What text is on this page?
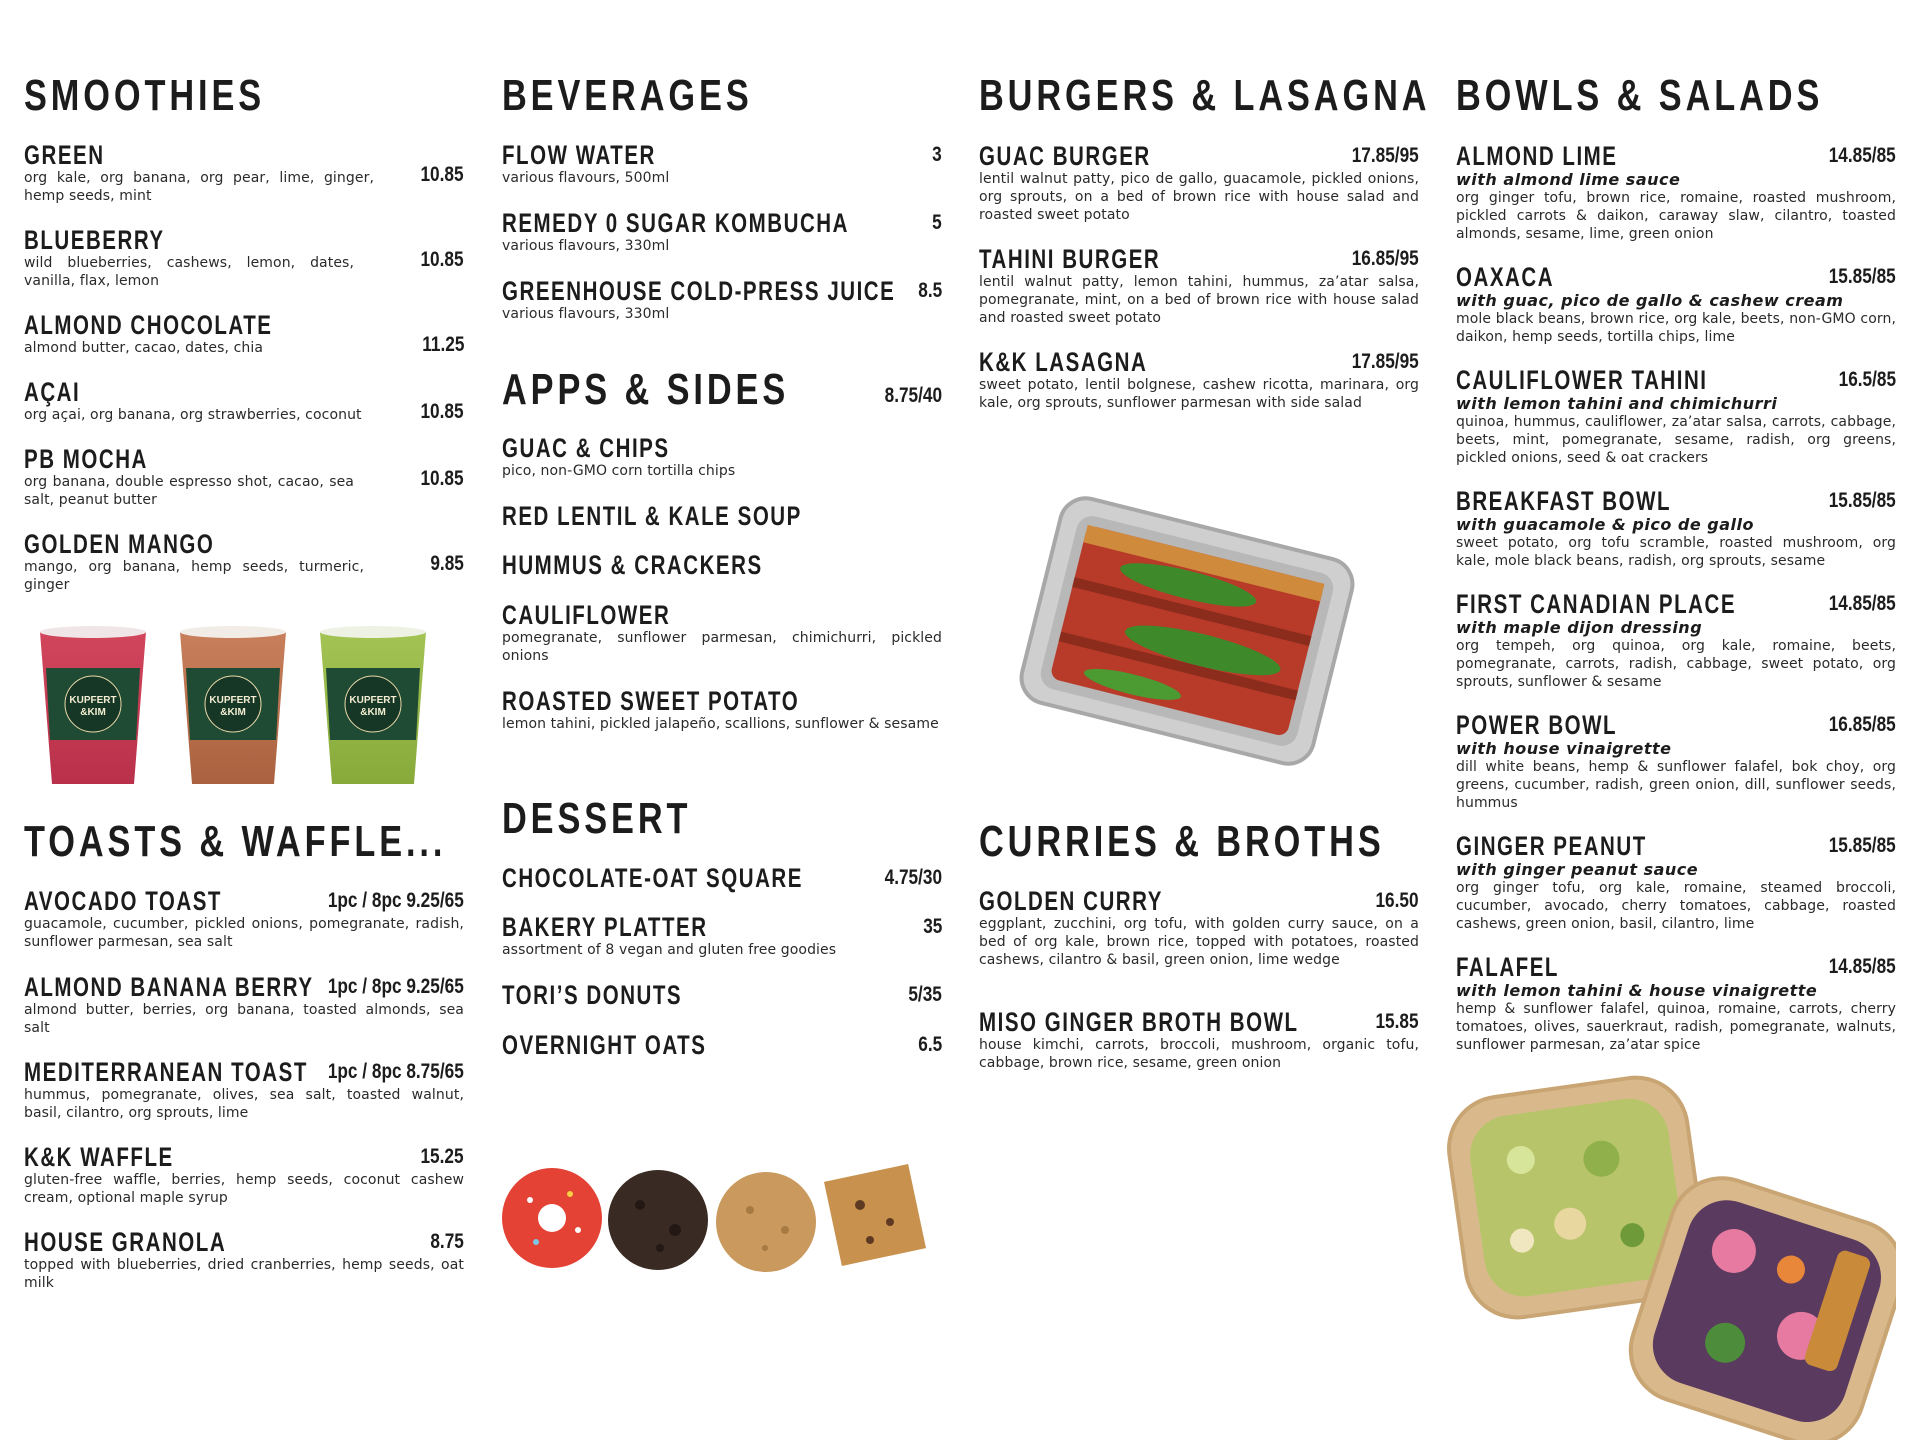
SMOOTHIES
GREEN
10.85
org kale, org banana, org pear, lime, ginger, hemp seeds, mint
BLUEBERRY
10.85
wild blueberries, cashews, lemon, dates, vanilla, flax, lemon
ALMOND CHOCOLATE
11.25
almond butter, cacao, dates, chia
AÇAI
10.85
org açai, org banana, org strawberries, coconut
PB MOCHA
10.85
org banana, double espresso shot, cacao, sea salt, peanut butter
GOLDEN MANGO
9.85
mango, org banana, hemp seeds, turmeric, ginger
KUPFERT
&KIM
KUPFERT
&KIM
KUPFERT
&KIM
TOASTS & WAFFLE...
AVOCADO TOAST	1pc / 8pc 9.25/65
guacamole, cucumber, pickled onions, pomegranate, radish, sunflower parmesan, sea salt
ALMOND BANANA BERRY 1pc / 8pc 9.25/65
almond butter, berries, org banana, toasted almonds, sea salt
MEDITERRANEAN TOAST 1pc / 8pc 8.75/65
hummus, pomegranate, olives, sea salt, toasted walnut, basil, cilantro, org sprouts, lime
K&K WAFFLE	15.25
gluten-free waffle, berries, hemp seeds, coconut cashew cream, optional maple syrup
HOUSE GRANOLA	8.75
topped with blueberries, dried cranberries, hemp seeds, oat milk
BEVERAGES
FLOW WATER	3
various flavours, 500ml
REMEDY 0 SUGAR KOMBUCHA	5
various flavours, 330ml
GREENHOUSE COLD-PRESS JUICE 8.5
various flavours, 330ml
APPS & SIDES	8.75/40
GUAC & CHIPS
pico, non-GMO corn tortilla chips
RED LENTIL & KALE SOUP
HUMMUS & CRACKERS
CAULIFLOWER
pomegranate, sunflower parmesan, chimichurri, pickled onions
ROASTED SWEET POTATO
lemon tahini, pickled jalapeño, scallions, sunflower & sesame
DESSERT
CHOCOLATE-OAT SQUARE	4.75/30
BAKERY PLATTER	35
assortment of 8 vegan and gluten free goodies
TORI’S DONUTS	5/35
OVERNIGHT OATS	6.5
BURGERS & LASAGNA
GUAC BURGER	17.85/95
lentil walnut patty, pico de gallo, guacamole, pickled onions, org sprouts, on a bed of brown rice with house salad and roasted sweet potato
TAHINI BURGER	16.85/95
lentil walnut patty, lemon tahini, hummus, za’atar salsa, pomegranate, mint, on a bed of brown rice with house salad and roasted sweet potato
K&K LASAGNA	17.85/95
sweet potato, lentil bolgnese, cashew ricotta, marinara, org kale, org sprouts, sunflower parmesan with side salad
CURRIES & BROTHS
GOLDEN CURRY	16.50
eggplant, zucchini, org tofu, with golden curry sauce, on a bed of org kale, brown rice, topped with potatoes, roasted cashews, cilantro & basil, green onion, lime wedge
MISO GINGER BROTH BOWL	15.85
house kimchi, carrots, broccoli, mushroom, organic tofu, cabbage, brown rice, sesame, green onion
BOWLS & SALADS
ALMOND LIME	14.85/85
with almond lime sauce
org ginger tofu, brown rice, romaine, roasted mushroom, pickled carrots & daikon, caraway slaw, cilantro, toasted almonds, sesame, lime, green onion
OAXACA	15.85/85
with guac, pico de gallo & cashew cream
mole black beans, brown rice, org kale, beets, non-GMO corn, daikon, hemp seeds, tortilla chips, lime
CAULIFLOWER TAHINI	16.5/85
with lemon tahini and chimichurri
quinoa, hummus, cauliflower, za’atar salsa, carrots, cabbage, beets, mint, pomegranate, sesame, radish, org greens, pickled onions, seed & oat crackers
BREAKFAST BOWL	15.85/85
with guacamole & pico de gallo
sweet potato, org tofu scramble, roasted mushroom, org kale, mole black beans, radish, org sprouts, sesame
FIRST CANADIAN PLACE	14.85/85
with maple dijon dressing
org tempeh, org quinoa, org kale, romaine, beets, pomegranate, carrots, radish, cabbage, sweet potato, org sprouts, sunflower & sesame
POWER BOWL	16.85/85
with house vinaigrette
dill white beans, hemp & sunflower falafel, bok choy, org greens, cucumber, radish, green onion, dill, sunflower seeds, hummus
GINGER PEANUT	15.85/85
with ginger peanut sauce
org ginger tofu, org kale, romaine, steamed broccoli, cucumber, avocado, cherry tomatoes, cabbage, roasted cashews, green onion, basil, cilantro, lime
FALAFEL	14.85/85
with lemon tahini & house vinaigrette
hemp & sunflower falafel, quinoa, romaine, carrots, cherry tomatoes, olives, sauerkraut, radish, pomegranate, walnuts, sunflower parmesan, za’atar spice
